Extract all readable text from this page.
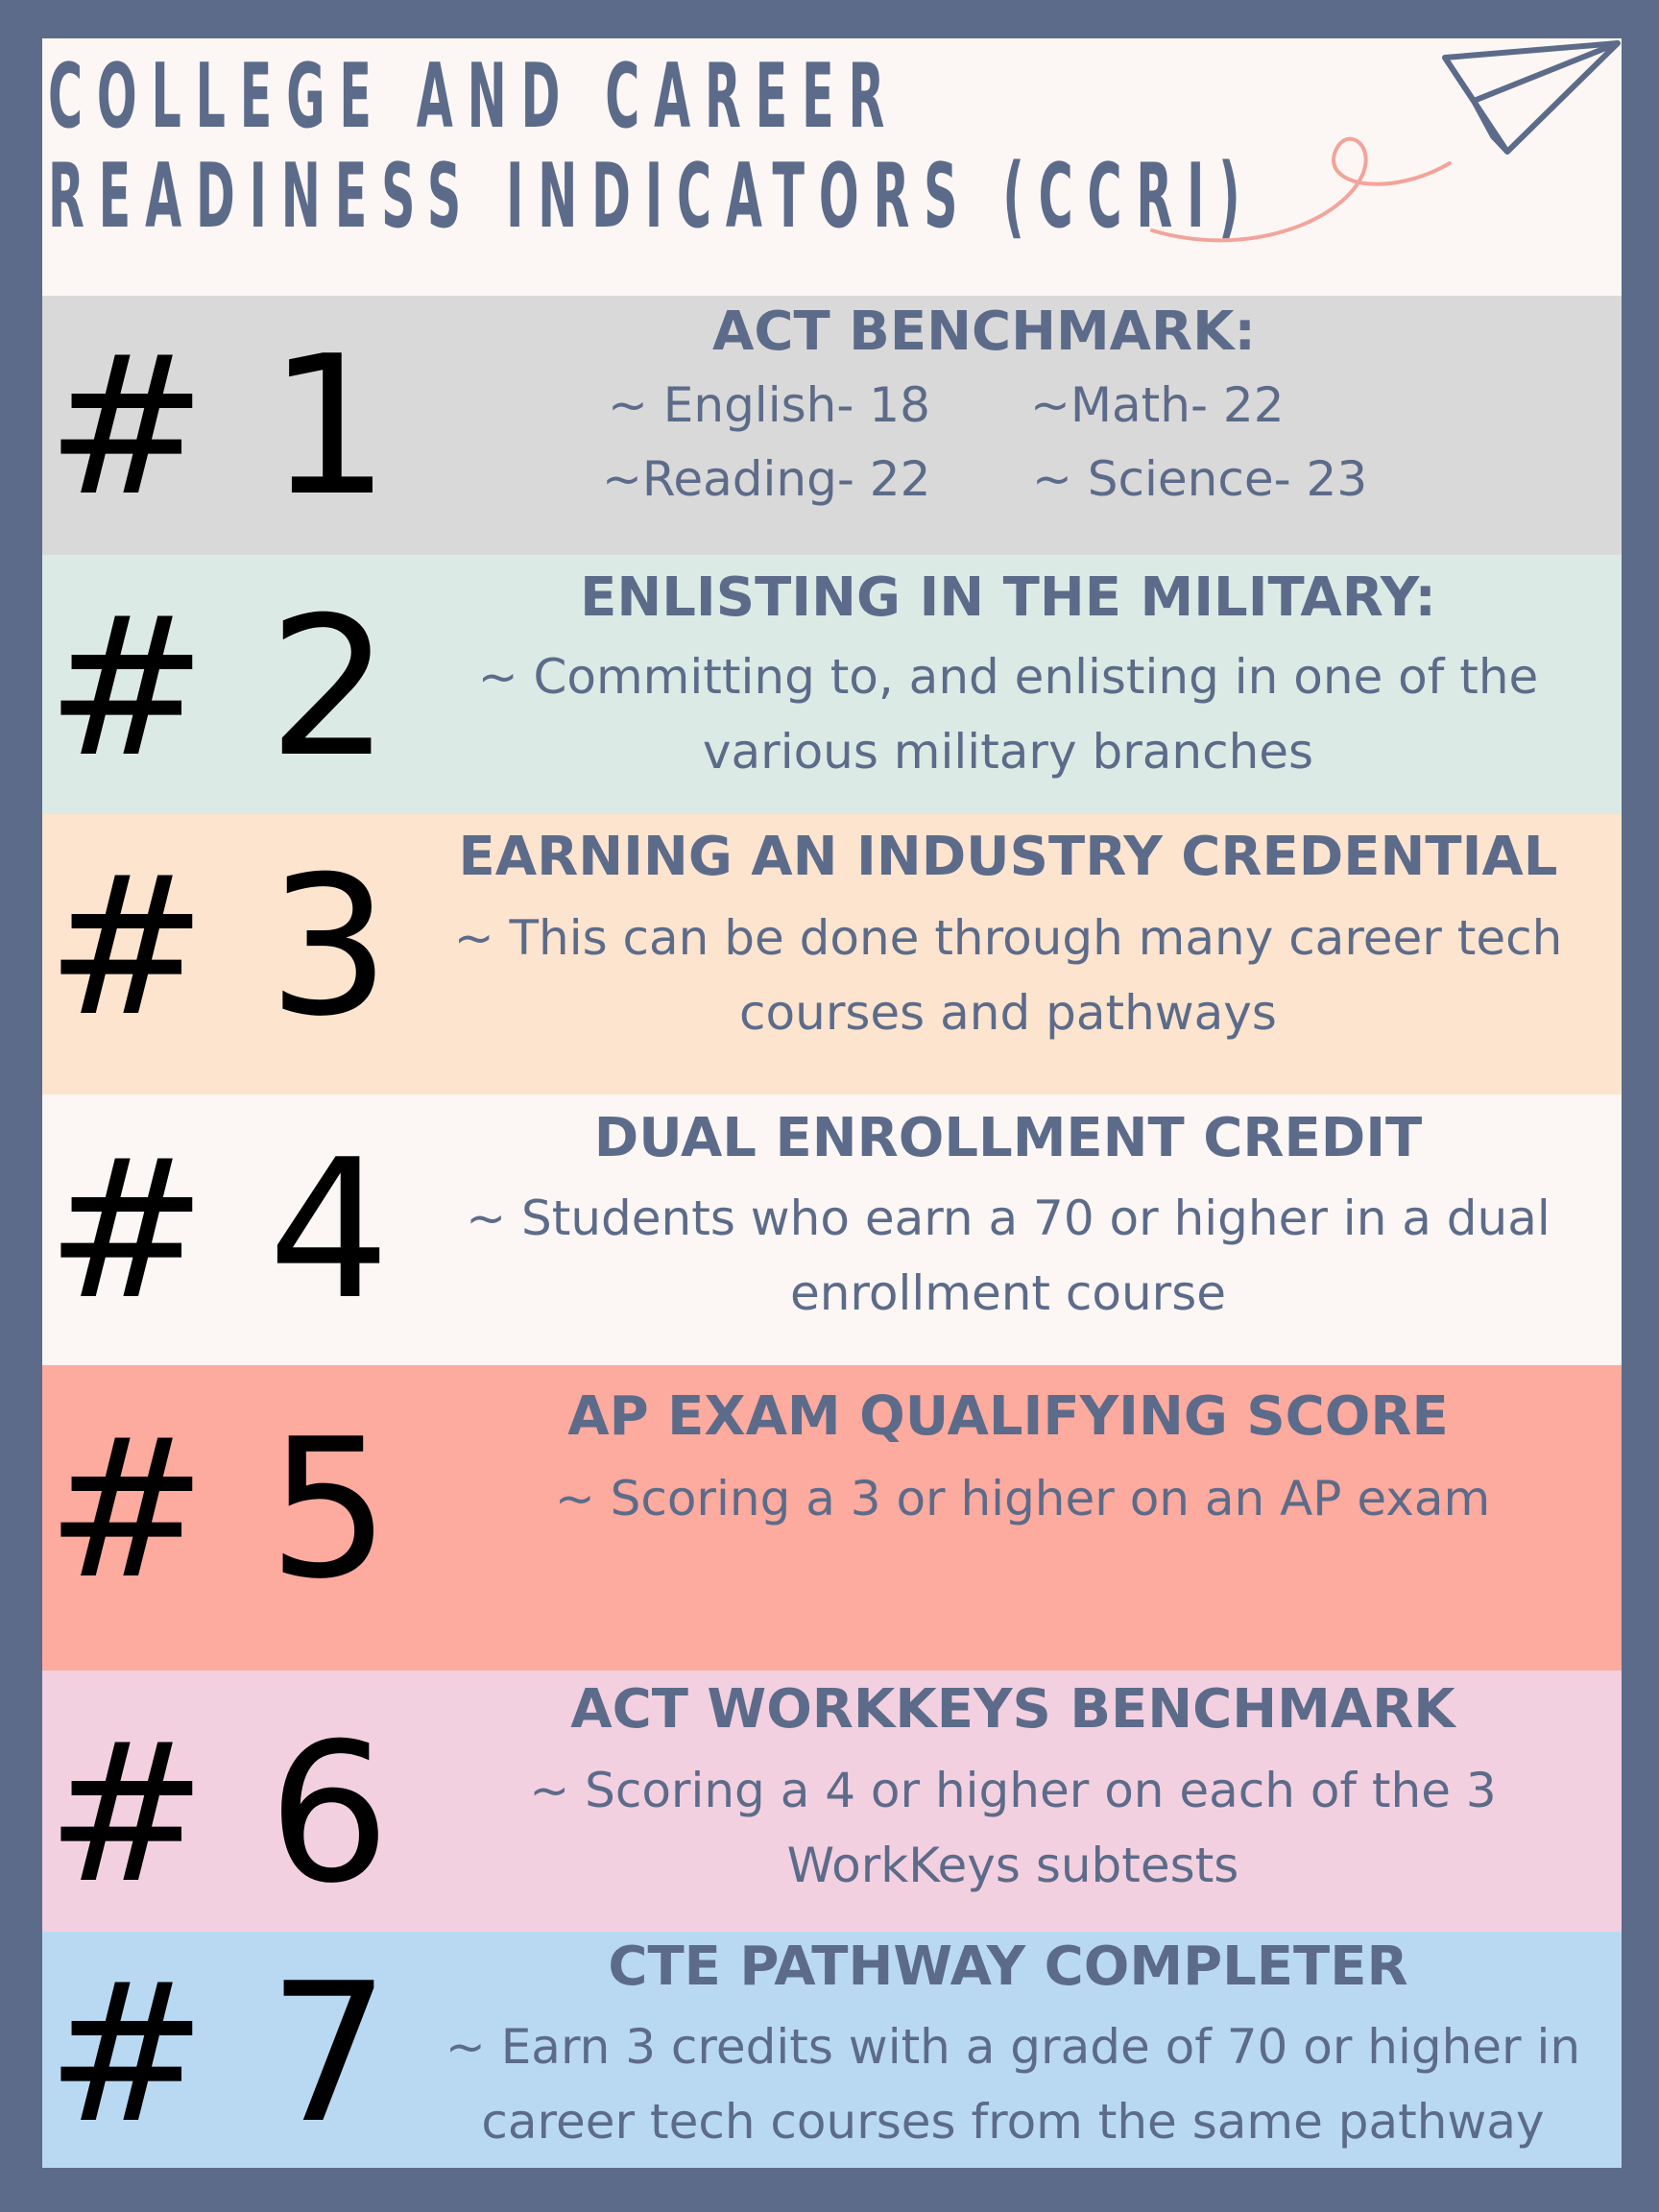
COLLEGE AND CAREER
READINESS INDICATORS (CCRI)
# 1	ACT BENCHMARK:
~ English- 18 ~Math- 22
~Reading- 22 ~ Science- 23
# 2	ENLISTING IN THE MILITARY:
~ Committing to, and enlisting in one of the
various military branches
# 3	EARNING AN INDUSTRY CREDENTIAL
~ This can be done through many career tech
courses and pathways
# 4	DUAL ENROLLMENT CREDIT
~ Students who earn a 70 or higher in a dual
enrollment course
# 5	AP EXAM QUALIFYING SCORE
~ Scoring a 3 or higher on an AP exam
# 6	ACT WORKKEYS BENCHMARK
~ Scoring a 4 or higher on each of the 3
WorkKeys subtests
# 7	CTE PATHWAY COMPLETER
~ Earn 3 credits with a grade of 70 or higher in
career tech courses from the same pathway
